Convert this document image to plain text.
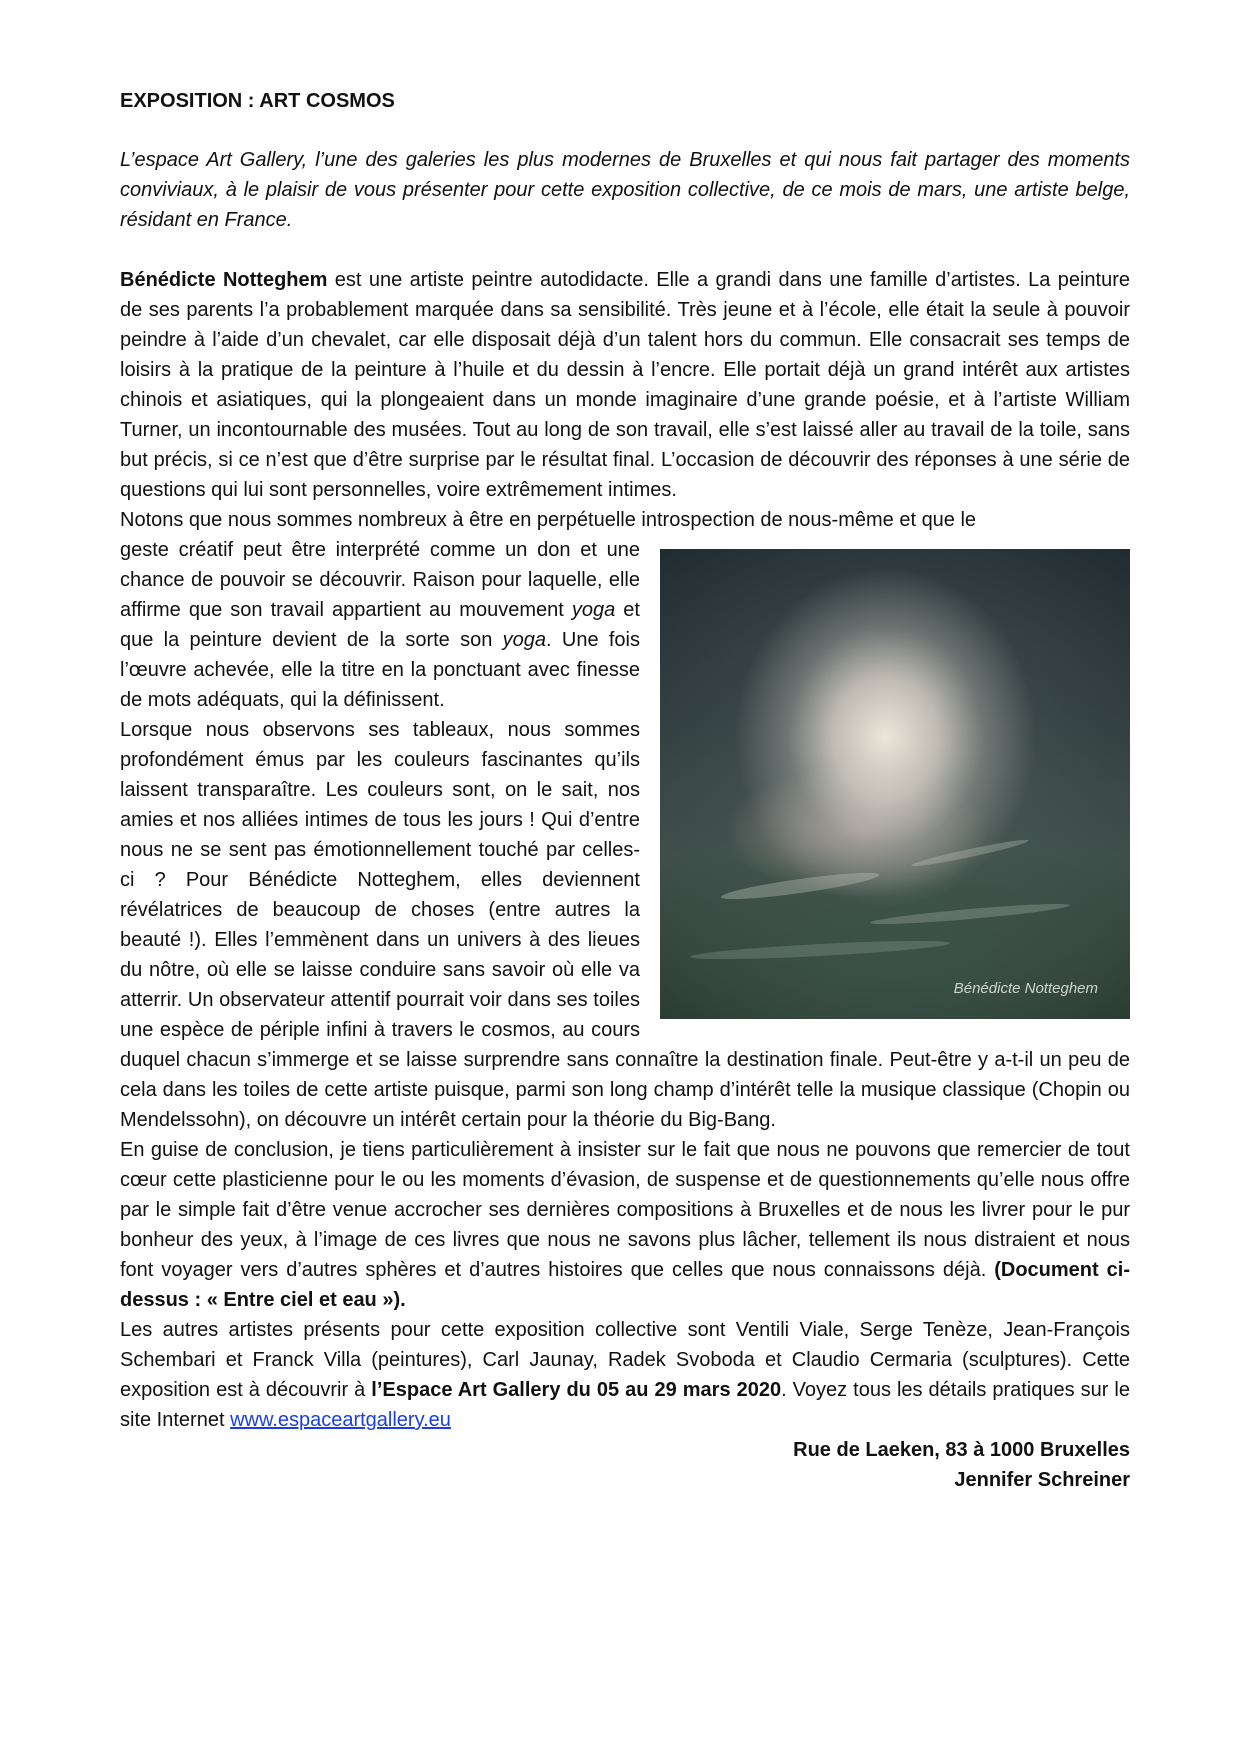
EXPOSITION : ART COSMOS

L’espace Art Gallery, l’une des galeries les plus modernes de Bruxelles et qui nous fait partager des moments conviviaux, à le plaisir de vous présenter pour cette exposition collective, de ce mois de mars, une artiste belge, résidant en France.

Bénédicte Notteghem est une artiste peintre autodidacte. Elle a grandi dans une famille d’artistes. La peinture de ses parents l’a probablement marquée dans sa sensibilité. Très jeune et à l’école, elle était la seule à pouvoir peindre à l’aide d’un chevalet, car elle disposait déjà d’un talent hors du commun. Elle consacrait ses temps de loisirs à la pratique de la peinture à l’huile et du dessin à l’encre. Elle portait déjà un grand intérêt aux artistes chinois et asiatiques, qui la plongeaient dans un monde imaginaire d’une grande poésie, et à l’artiste William Turner, un incontournable des musées. Tout au long de son travail, elle s’est laissé aller au travail de la toile, sans but précis, si ce n’est que d’être surprise par le résultat final. L’occasion de découvrir des réponses à une série de questions qui lui sont personnelles, voire extrêmement intimes.

Notons que nous sommes nombreux à être en perpétuelle introspection de nous-même et que le

Bénédicte Notteghem

geste créatif peut être interprété comme un don et une chance de pouvoir se découvrir. Raison pour laquelle, elle affirme que son travail appartient au mouvement yoga et que la peinture devient de la sorte son yoga. Une fois l’œuvre achevée, elle la titre en la ponctuant avec finesse de mots adéquats, qui la définissent.

Lorsque nous observons ses tableaux, nous sommes profondément émus par les couleurs fascinantes qu’ils laissent transparaître. Les couleurs sont, on le sait, nos amies et nos alliées intimes de tous les jours ! Qui d’entre nous ne se sent pas émotionnellement touché par celles-ci ? Pour Bénédicte Notteghem, elles deviennent révélatrices de beaucoup de choses (entre autres la beauté !). Elles l’emmènent dans un univers à des lieues du nôtre, où elle se laisse conduire sans savoir où elle va atterrir. Un observateur attentif pourrait voir dans ses toiles une espèce de périple infini à travers le cosmos, au cours duquel chacun s’immerge et se laisse surprendre sans connaître la destination finale. Peut-être y a-t-il un peu de cela dans les toiles de cette artiste puisque, parmi son long champ d’intérêt telle la musique classique (Chopin ou Mendelssohn), on découvre un intérêt certain pour la théorie du Big-Bang.

En guise de conclusion, je tiens particulièrement à insister sur le fait que nous ne pouvons que remercier de tout cœur cette plasticienne pour le ou les moments d’évasion, de suspense et de questionnements qu’elle nous offre par le simple fait d’être venue accrocher ses dernières compositions à Bruxelles et de nous les livrer pour le pur bonheur des yeux, à l’image de ces livres que nous ne savons plus lâcher, tellement ils nous distraient et nous font voyager vers d’autres sphères et d’autres histoires que celles que nous connaissons déjà. (Document ci-dessus : « Entre ciel et eau »).

Les autres artistes présents pour cette exposition collective sont Ventili Viale, Serge Tenèze, Jean-François Schembari et Franck Villa (peintures), Carl Jaunay, Radek Svoboda et Claudio Cermaria (sculptures). Cette exposition est à découvrir à l’Espace Art Gallery du 05 au 29 mars 2020. Voyez tous les détails pratiques sur le site Internet www.espaceartgallery.eu

Rue de Laeken, 83 à 1000 Bruxelles

Jennifer Schreiner
